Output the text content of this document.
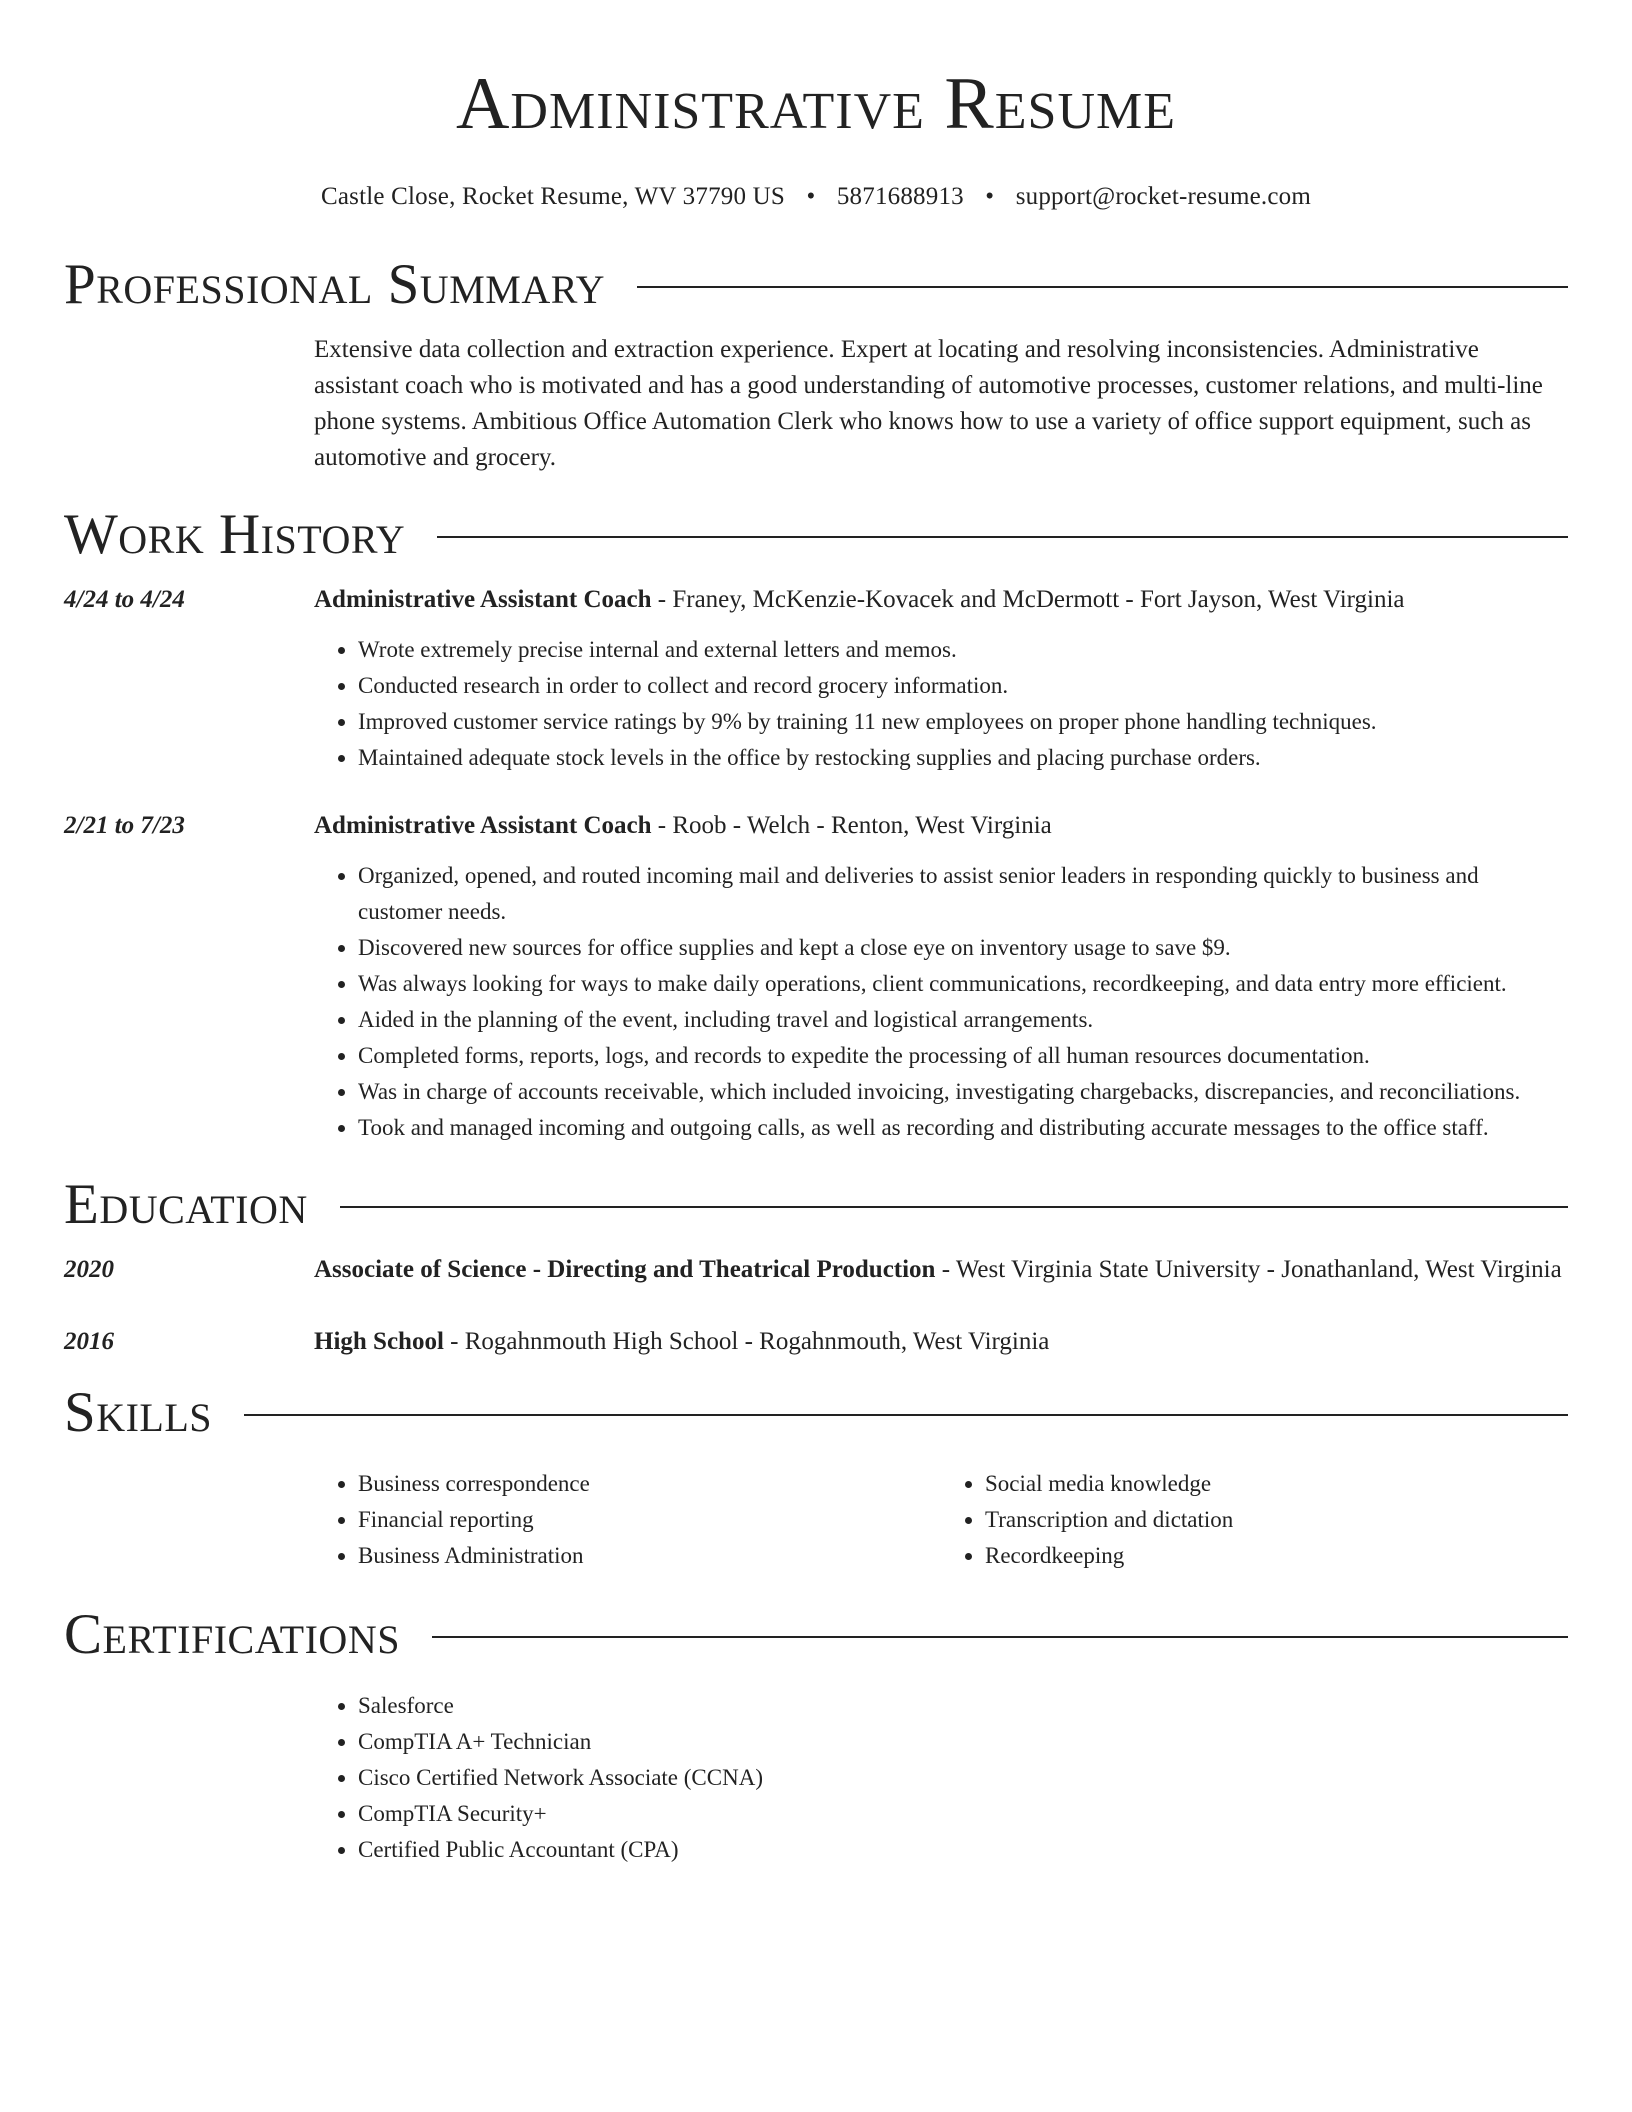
Administrative Resume
Castle Close, Rocket Resume, WV 37790 US • 5871688913 • support@rocket-resume.com
Professional Summary
Extensive data collection and extraction experience. Expert at locating and resolving inconsistencies. Administrative assistant coach who is motivated and has a good understanding of automotive processes, customer relations, and multi-line phone systems. Ambitious Office Automation Clerk who knows how to use a variety of office support equipment, such as automotive and grocery.
Work History
4/24 to 4/24	Administrative Assistant Coach - Franey, McKenzie-Kovacek and McDermott - Fort Jayson, West Virginia
• Wrote extremely precise internal and external letters and memos.
• Conducted research in order to collect and record grocery information.
• Improved customer service ratings by 9% by training 11 new employees on proper phone handling techniques.
• Maintained adequate stock levels in the office by restocking supplies and placing purchase orders.
2/21 to 7/23	Administrative Assistant Coach - Roob - Welch - Renton, West Virginia
• Organized, opened, and routed incoming mail and deliveries to assist senior leaders in responding quickly to business and customer needs.
• Discovered new sources for office supplies and kept a close eye on inventory usage to save $9.
• Was always looking for ways to make daily operations, client communications, recordkeeping, and data entry more efficient.
• Aided in the planning of the event, including travel and logistical arrangements.
• Completed forms, reports, logs, and records to expedite the processing of all human resources documentation.
• Was in charge of accounts receivable, which included invoicing, investigating chargebacks, discrepancies, and reconciliations.
• Took and managed incoming and outgoing calls, as well as recording and distributing accurate messages to the office staff.
Education
2020	Associate of Science - Directing and Theatrical Production - West Virginia State University - Jonathanland, West Virginia
2016	High School - Rogahnmouth High School - Rogahnmouth, West Virginia
Skills
• Business correspondence
• Financial reporting
• Business Administration
• Social media knowledge
• Transcription and dictation
• Recordkeeping
Certifications
• Salesforce
• CompTIA A+ Technician
• Cisco Certified Network Associate (CCNA)
• CompTIA Security+
• Certified Public Accountant (CPA)
